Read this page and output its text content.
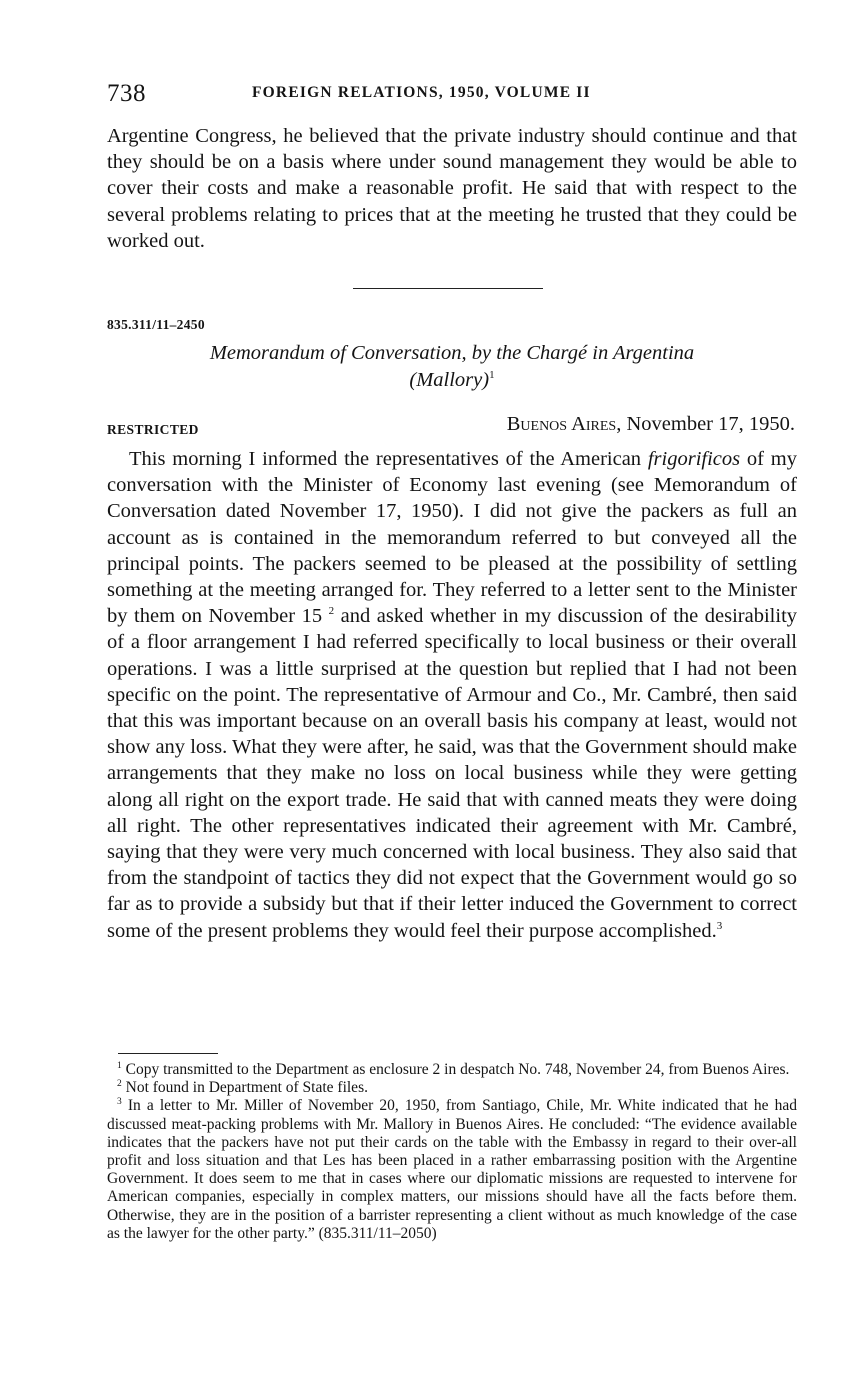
738	FOREIGN RELATIONS, 1950, VOLUME II

Argentine Congress, he believed that the private industry should continue and that they should be on a basis where under sound management they would be able to cover their costs and make a reasonable profit. He said that with respect to the several problems relating to prices that at the meeting he trusted that they could be worked out.

835.311/11–2450

Memorandum of Conversation, by the Chargé in Argentina
(Mallory)$^1$

RESTRICTED	Buenos Aires, November 17, 1950.

This morning I informed the representatives of the American frigorificos of my conversation with the Minister of Economy last evening (see Memorandum of Conversation dated November 17, 1950). I did not give the packers as full an account as is contained in the memorandum referred to but conveyed all the principal points. The packers seemed to be pleased at the possibility of settling something at the meeting arranged for. They referred to a letter sent to the Minister by them on November 15 $^2$ and asked whether in my discussion of the desirability of a floor arrangement I had referred specifically to local business or their overall operations. I was a little surprised at the question but replied that I had not been specific on the point. The representative of Armour and Co., Mr. Cambré, then said that this was important because on an overall basis his company at least, would not show any loss. What they were after, he said, was that the Government should make arrangements that they make no loss on local business while they were getting along all right on the export trade. He said that with canned meats they were doing all right. The other representatives indicated their agreement with Mr. Cambré, saying that they were very much concerned with local business. They also said that from the standpoint of tactics they did not expect that the Government would go so far as to provide a subsidy but that if their letter induced the Government to correct some of the present problems they would feel their purpose accomplished.$^3$

$^1$ Copy transmitted to the Department as enclosure 2 in despatch No. 748, November 24, from Buenos Aires.

$^2$ Not found in Department of State files.

$^3$ In a letter to Mr. Miller of November 20, 1950, from Santiago, Chile, Mr. White indicated that he had discussed meat-packing problems with Mr. Mallory in Buenos Aires. He concluded: “The evidence available indicates that the packers have not put their cards on the table with the Embassy in regard to their over-all profit and loss situation and that Les has been placed in a rather embarrassing position with the Argentine Government. It does seem to me that in cases where our diplomatic missions are requested to intervene for American companies, especially in complex matters, our missions should have all the facts before them. Otherwise, they are in the position of a barrister representing a client without as much knowledge of the case as the lawyer for the other party.” (835.311/11–2050)
